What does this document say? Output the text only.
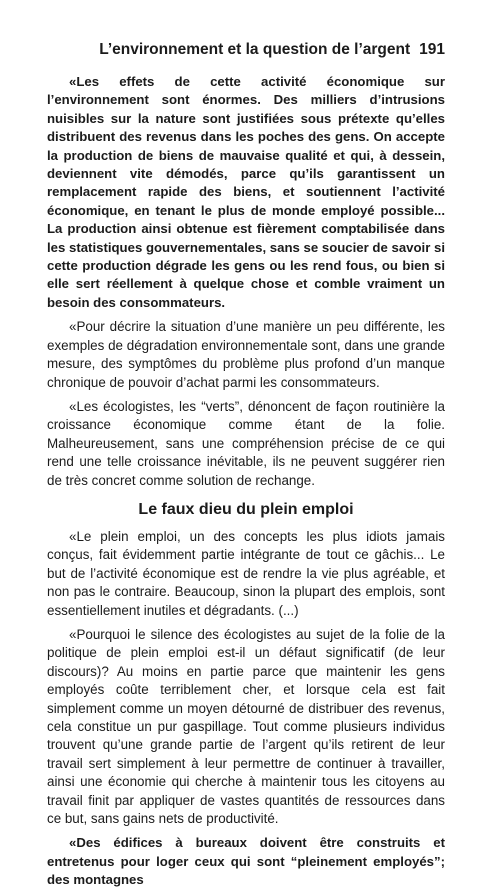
L’environnement et la question de l’argent 191

«Les effets de cette activité économique sur l’environnement sont énormes. Des milliers d’intrusions nuisibles sur la nature sont justifiées sous prétexte qu’elles distribuent des revenus dans les poches des gens. On accepte la production de biens de mauvaise qualité et qui, à dessein, deviennent vite démodés, parce qu’ils garantissent un remplacement rapide des biens, et soutiennent l’activité économique, en tenant le plus de monde employé possible... La production ainsi obtenue est fièrement comptabilisée dans les statistiques gouvernementales, sans se soucier de savoir si cette production dégrade les gens ou les rend fous, ou bien si elle sert réellement à quelque chose et comble vraiment un besoin des consommateurs.

«Pour décrire la situation d’une manière un peu différente, les exemples de dégradation environnementale sont, dans une grande mesure, des symptômes du problème plus profond d’un manque chronique de pouvoir d’achat parmi les consommateurs.

«Les écologistes, les “verts”, dénoncent de façon routinière la croissance économique comme étant de la folie. Malheureusement, sans une compréhension précise de ce qui rend une telle croissance inévitable, ils ne peuvent suggérer rien de très concret comme solution de rechange.

Le faux dieu du plein emploi

«Le plein emploi, un des concepts les plus idiots jamais conçus, fait évidemment partie intégrante de tout ce gâchis... Le but de l’activité économique est de rendre la vie plus agréable, et non pas le contraire. Beaucoup, sinon la plupart des emplois, sont essentiellement inutiles et dégradants. (...)

«Pourquoi le silence des écologistes au sujet de la folie de la politique de plein emploi est-il un défaut significatif (de leur discours)? Au moins en partie parce que maintenir les gens employés coûte terriblement cher, et lorsque cela est fait simplement comme un moyen détourné de distribuer des revenus, cela constitue un pur gaspillage. Tout comme plusieurs individus trouvent qu’une grande partie de l’argent qu’ils retirent de leur travail sert simplement à leur permettre de continuer à travailler, ainsi une économie qui cherche à maintenir tous les citoyens au travail finit par appliquer de vastes quantités de ressources dans ce but, sans gains nets de productivité.

«Des édifices à bureaux doivent être construits et entretenus pour loger ceux qui sont “pleinement employés”; des montagnes
